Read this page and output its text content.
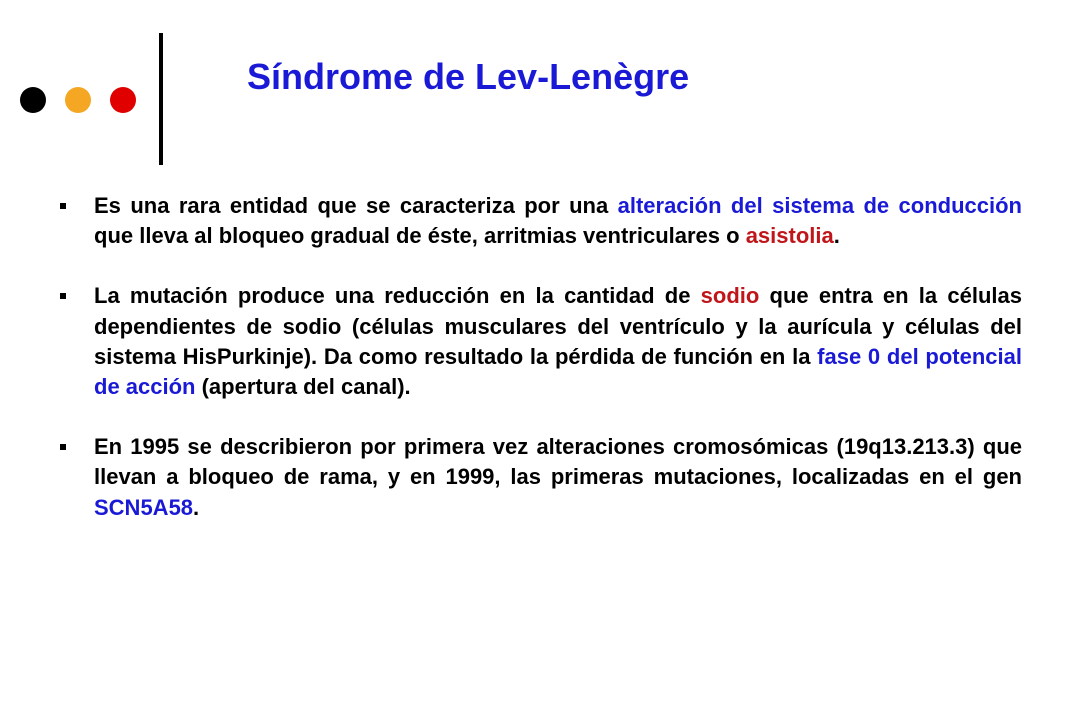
Síndrome de Lev-Lenègre
Es una rara entidad que se caracteriza por una alteración del sistema de conducción que lleva al bloqueo gradual de éste, arritmias ventriculares o asistolia.
La mutación produce una reducción en la cantidad de sodio que entra en la células dependientes de sodio (células musculares del ventrículo y la aurícula y células del sistema HisPurkinje). Da como resultado la pérdida de función en la fase 0 del potencial de acción (apertura del canal).
En 1995 se describieron por primera vez alteraciones cromosómicas (19q13.213.3) que llevan a bloqueo de rama, y en 1999, las primeras mutaciones, localizadas en el gen SCN5A58.
